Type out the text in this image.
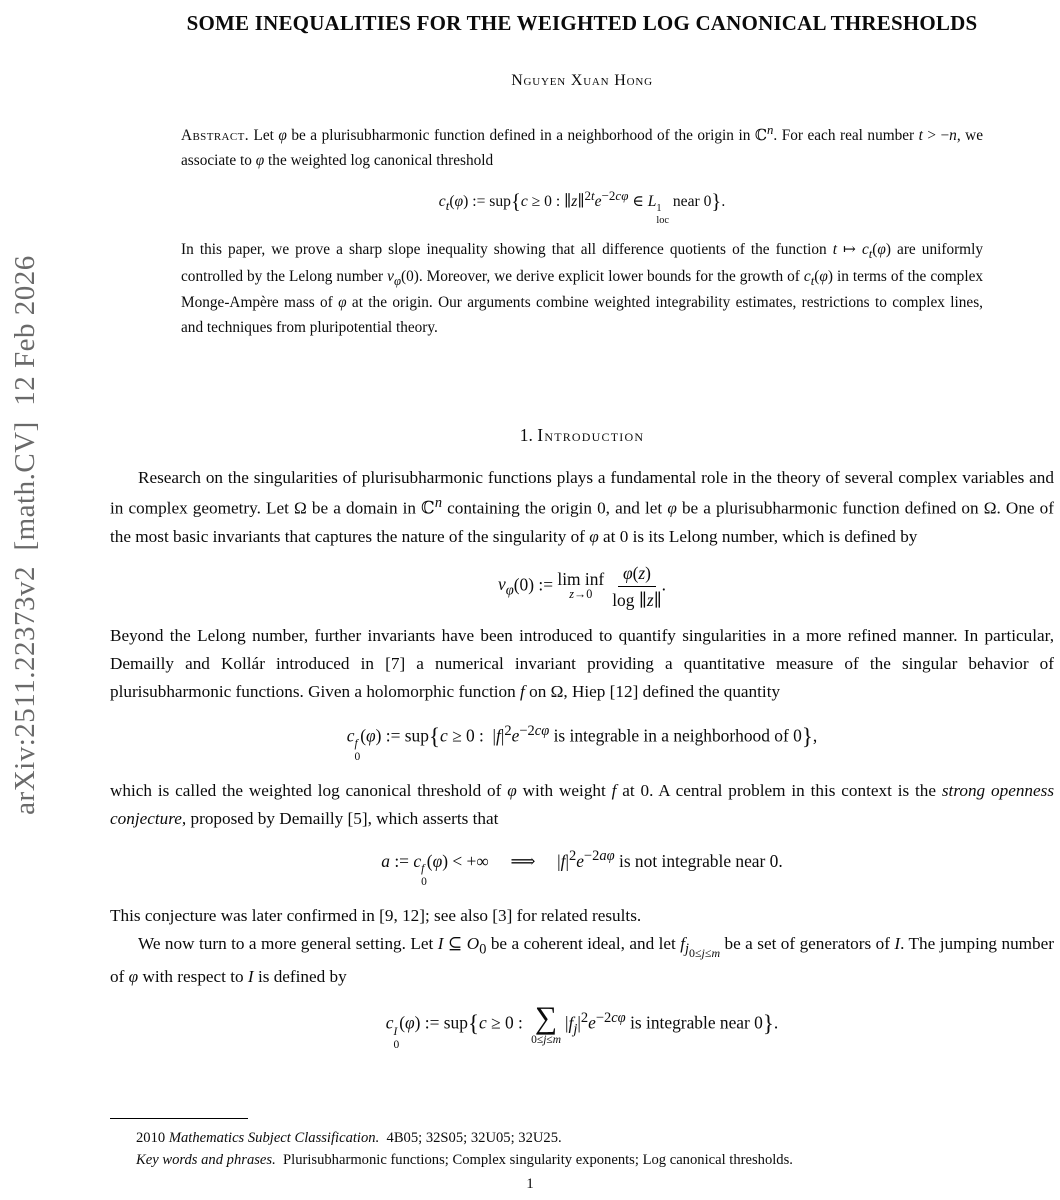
arXiv:2511.22373v2  [math.CV]  12 Feb 2026
SOME INEQUALITIES FOR THE WEIGHTED LOG CANONICAL THRESHOLDS
Nguyen Xuan Hong

Abstract. Let φ be a plurisubharmonic function defined in a neighborhood of the origin in ℂ$^n$. For each real number t > −n, we associate to φ the weighted log canonical threshold

$c_t(\varphi)$ := sup{c ≥ 0 : $\parallel z\parallel^{2t}e^{-2c\varphi}$ ∈ L 1
loc
near 0}.

In this paper, we prove a sharp slope inequality showing that all difference quotients of the function t ↦ $c_t(\varphi)$ are uniformly controlled by the Lelong number $\nu_\varphi(0)$. Moreover, we derive explicit lower bounds for the growth of $c_t(\varphi)$ in terms of the complex Monge-Ampère mass of φ at the origin. Our arguments combine weighted integrability estimates, restrictions to complex lines, and techniques from pluripotential theory.

1. Introduction

Research on the singularities of plurisubharmonic functions plays a fundamental role in the theory of several complex variables and in complex geometry. Let Ω be a domain in ℂ$^n$ containing the origin 0, and let φ be a plurisubharmonic function defined on Ω. One of the most basic invariants that captures the nature of the singularity of φ at 0 is its Lelong number, which is defined by

$\nu_\varphi(0)$ := lim inf
$z\to 0 \frac{\varphi(z)}{\log \parallel z\parallel}$ .

Beyond the Lelong number, further invariants have been introduced to quantify singularities in a more refined manner. In particular, Demailly and Kollár introduced in [7] a numerical invariant providing a quantitative measure of the singular behavior of plurisubharmonic functions. Given a holomorphic function f on Ω, Hiep [12] defined the quantity

c f
0
(φ) := sup{c ≥ 0 :  $|f|^2e^{-2c\varphi}$ is integrable in a neighborhood of 0},

which is called the weighted log canonical threshold of φ with weight f at 0. A central problem in this context is the strong openness conjecture, proposed by Demailly [5], which asserts that

a := c f
0
(φ) < +∞  ⟹  $|f|^2e^{-2a\varphi}$ is not integrable near 0.

This conjecture was later confirmed in [9, 12]; see also [3] for related results.

We now turn to a more general setting. Let I ⊆ $O_0$ be a coherent ideal, and let $f_{j_{0\le j\le m}}$ be a set of generators of I. The jumping number of φ with respect to I is defined by

c I
0
(φ) := sup{c ≥ 0 : ∑
0≤j≤m
$|f_j|^2e^{-2c\varphi}$ is integrable near 0}.

2010 Mathematics Subject Classification.  4B05; 32S05; 32U05; 32U25.

Key words and phrases.  Plurisubharmonic functions; Complex singularity exponents; Log canonical thresholds.

1
